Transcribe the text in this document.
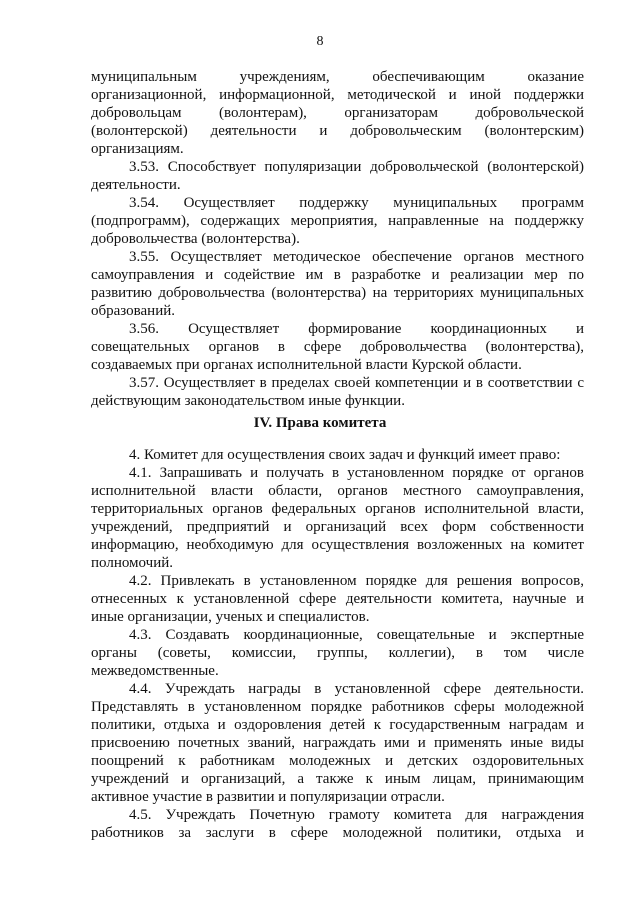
8
IV. Права комитета
муниципальным учреждениям, обеспечивающим оказание
организационной, информационной, методической и иной поддержки
добровольцам (волонтерам), организаторам добровольческой
(волонтерской) деятельности и добровольческим (волонтерским)
организациям.
3.53. Способствует популяризации добровольческой (волонтерской)
деятельности.
3.54. Осуществляет поддержку муниципальных программ
(подпрограмм), содержащих мероприятия, направленные на поддержку
добровольчества (волонтерства).
3.55. Осуществляет методическое обеспечение органов местного
самоуправления и содействие им в разработке и реализации мер по
развитию добровольчества (волонтерства) на территориях муниципальных
образований.
3.56. Осуществляет формирование координационных и
совещательных органов в сфере добровольчества (волонтерства),
создаваемых при органах исполнительной власти Курской области.
3.57. Осуществляет в пределах своей компетенции и в соответствии с
действующим законодательством иные функции.
4. Комитет для осуществления своих задач и функций имеет право:
4.1. Запрашивать и получать в установленном порядке от органов
исполнительной власти области, органов местного самоуправления,
территориальных органов федеральных органов исполнительной власти,
учреждений, предприятий и организаций всех форм собственности
информацию, необходимую для осуществления возложенных на комитет
полномочий.
4.2. Привлекать в установленном порядке для решения вопросов,
отнесенных к установленной сфере деятельности комитета, научные и
иные организации, ученых и специалистов.
4.3. Создавать координационные, совещательные и экспертные
органы (советы, комиссии, группы, коллегии), в том числе
межведомственные.
4.4. Учреждать награды в установленной сфере деятельности.
Представлять в установленном порядке работников сферы молодежной
политики, отдыха и оздоровления детей к государственным наградам и
присвоению почетных званий, награждать ими и применять иные виды
поощрений к работникам молодежных и детских оздоровительных
учреждений и организаций, а также к иным лицам, принимающим
активное участие в развитии и популяризации отрасли.
4.5. Учреждать Почетную грамоту комитета для награждения
работников за заслуги в сфере молодежной политики, отдыха и
